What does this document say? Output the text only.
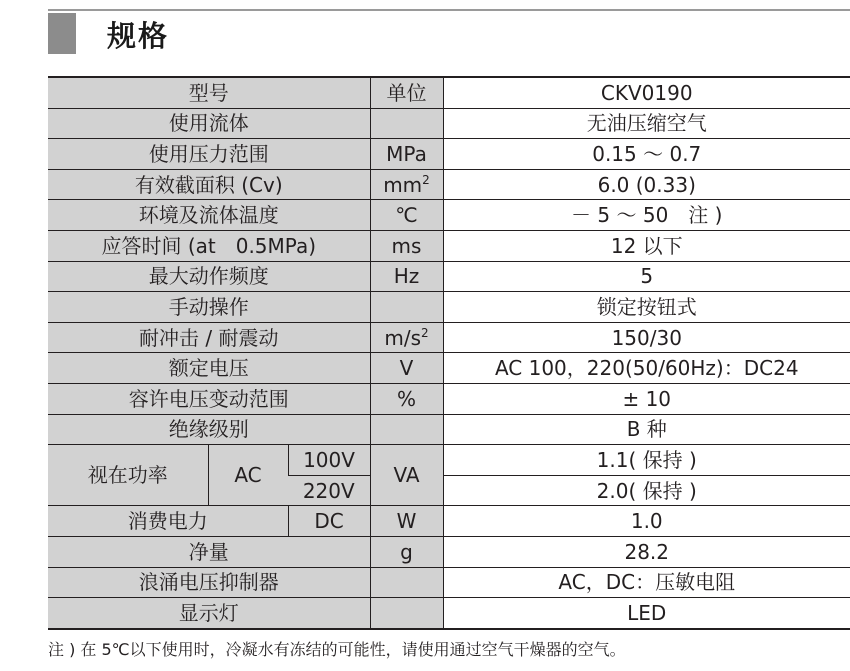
规格
型号			单位	CKV0190
使用流体				无油压缩空气
使用压力范围			MPa	0.15 ～ 0.7
有效截面积 (Cv)			$mm^2$	6.0 (0.33)
环境及流体温度			℃	－ 5 ～ 50　注 )
应答时间 (at　0.5MPa)			ms	12 以下
最大动作频度			Hz	5
手动操作				锁定按钮式
耐冲击 / 耐震动			$m/s^2$	150/30
额定电压			V	AC 100，220(50/60Hz)：DC24
容许电压变动范围			%	± 10
绝缘级别				B 种
视在功率	AC	100V	VA	1.1( 保持 )
		220V		2.0( 保持 )
消费电力		DC	W	1.0
净量			g	28.2
浪涌电压抑制器				AC，DC：压敏电阻
显示灯				LED
注 ) 在 5℃以下使用时，冷凝水有冻结的可能性，请使用通过空气干燥器的空气。
